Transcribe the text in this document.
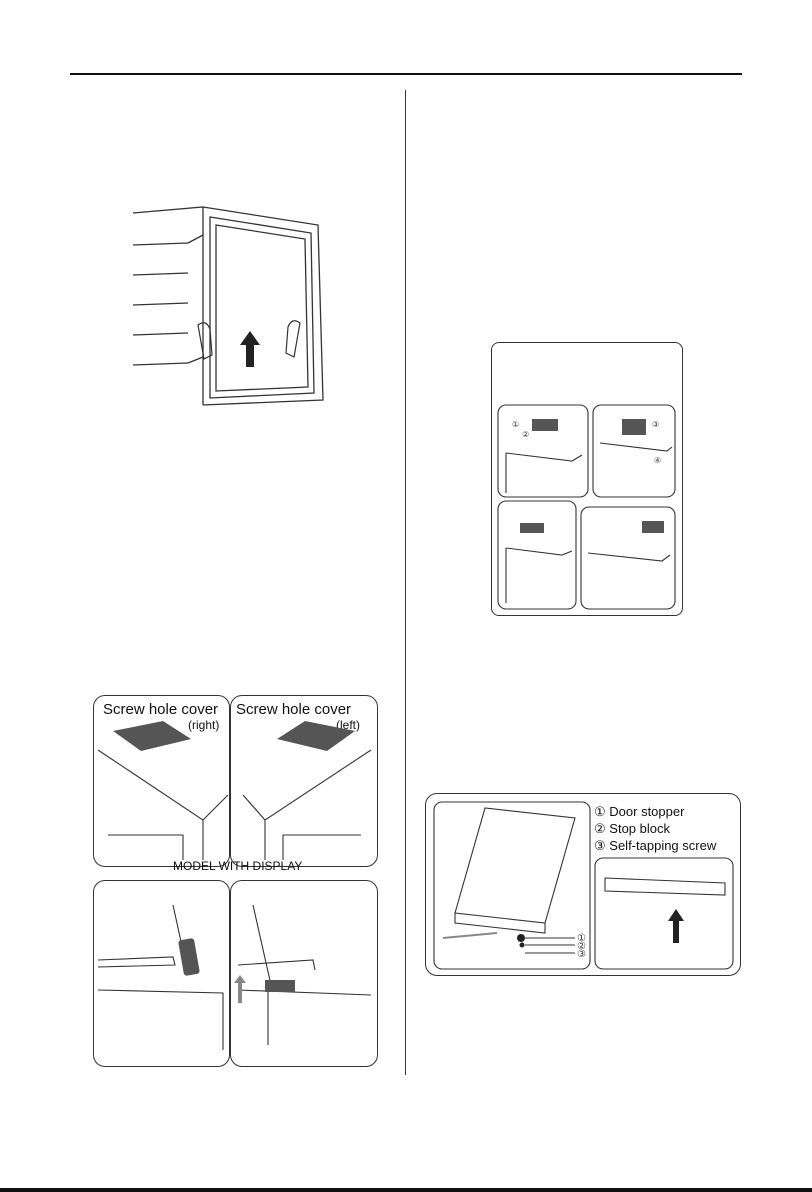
①
②
③
④
Screw hole cover
(right)
Screw hole cover
(left)
MODEL WITH DISPLAY
①
②
③
① Door stopper
② Stop block
③ Self-tapping screw
